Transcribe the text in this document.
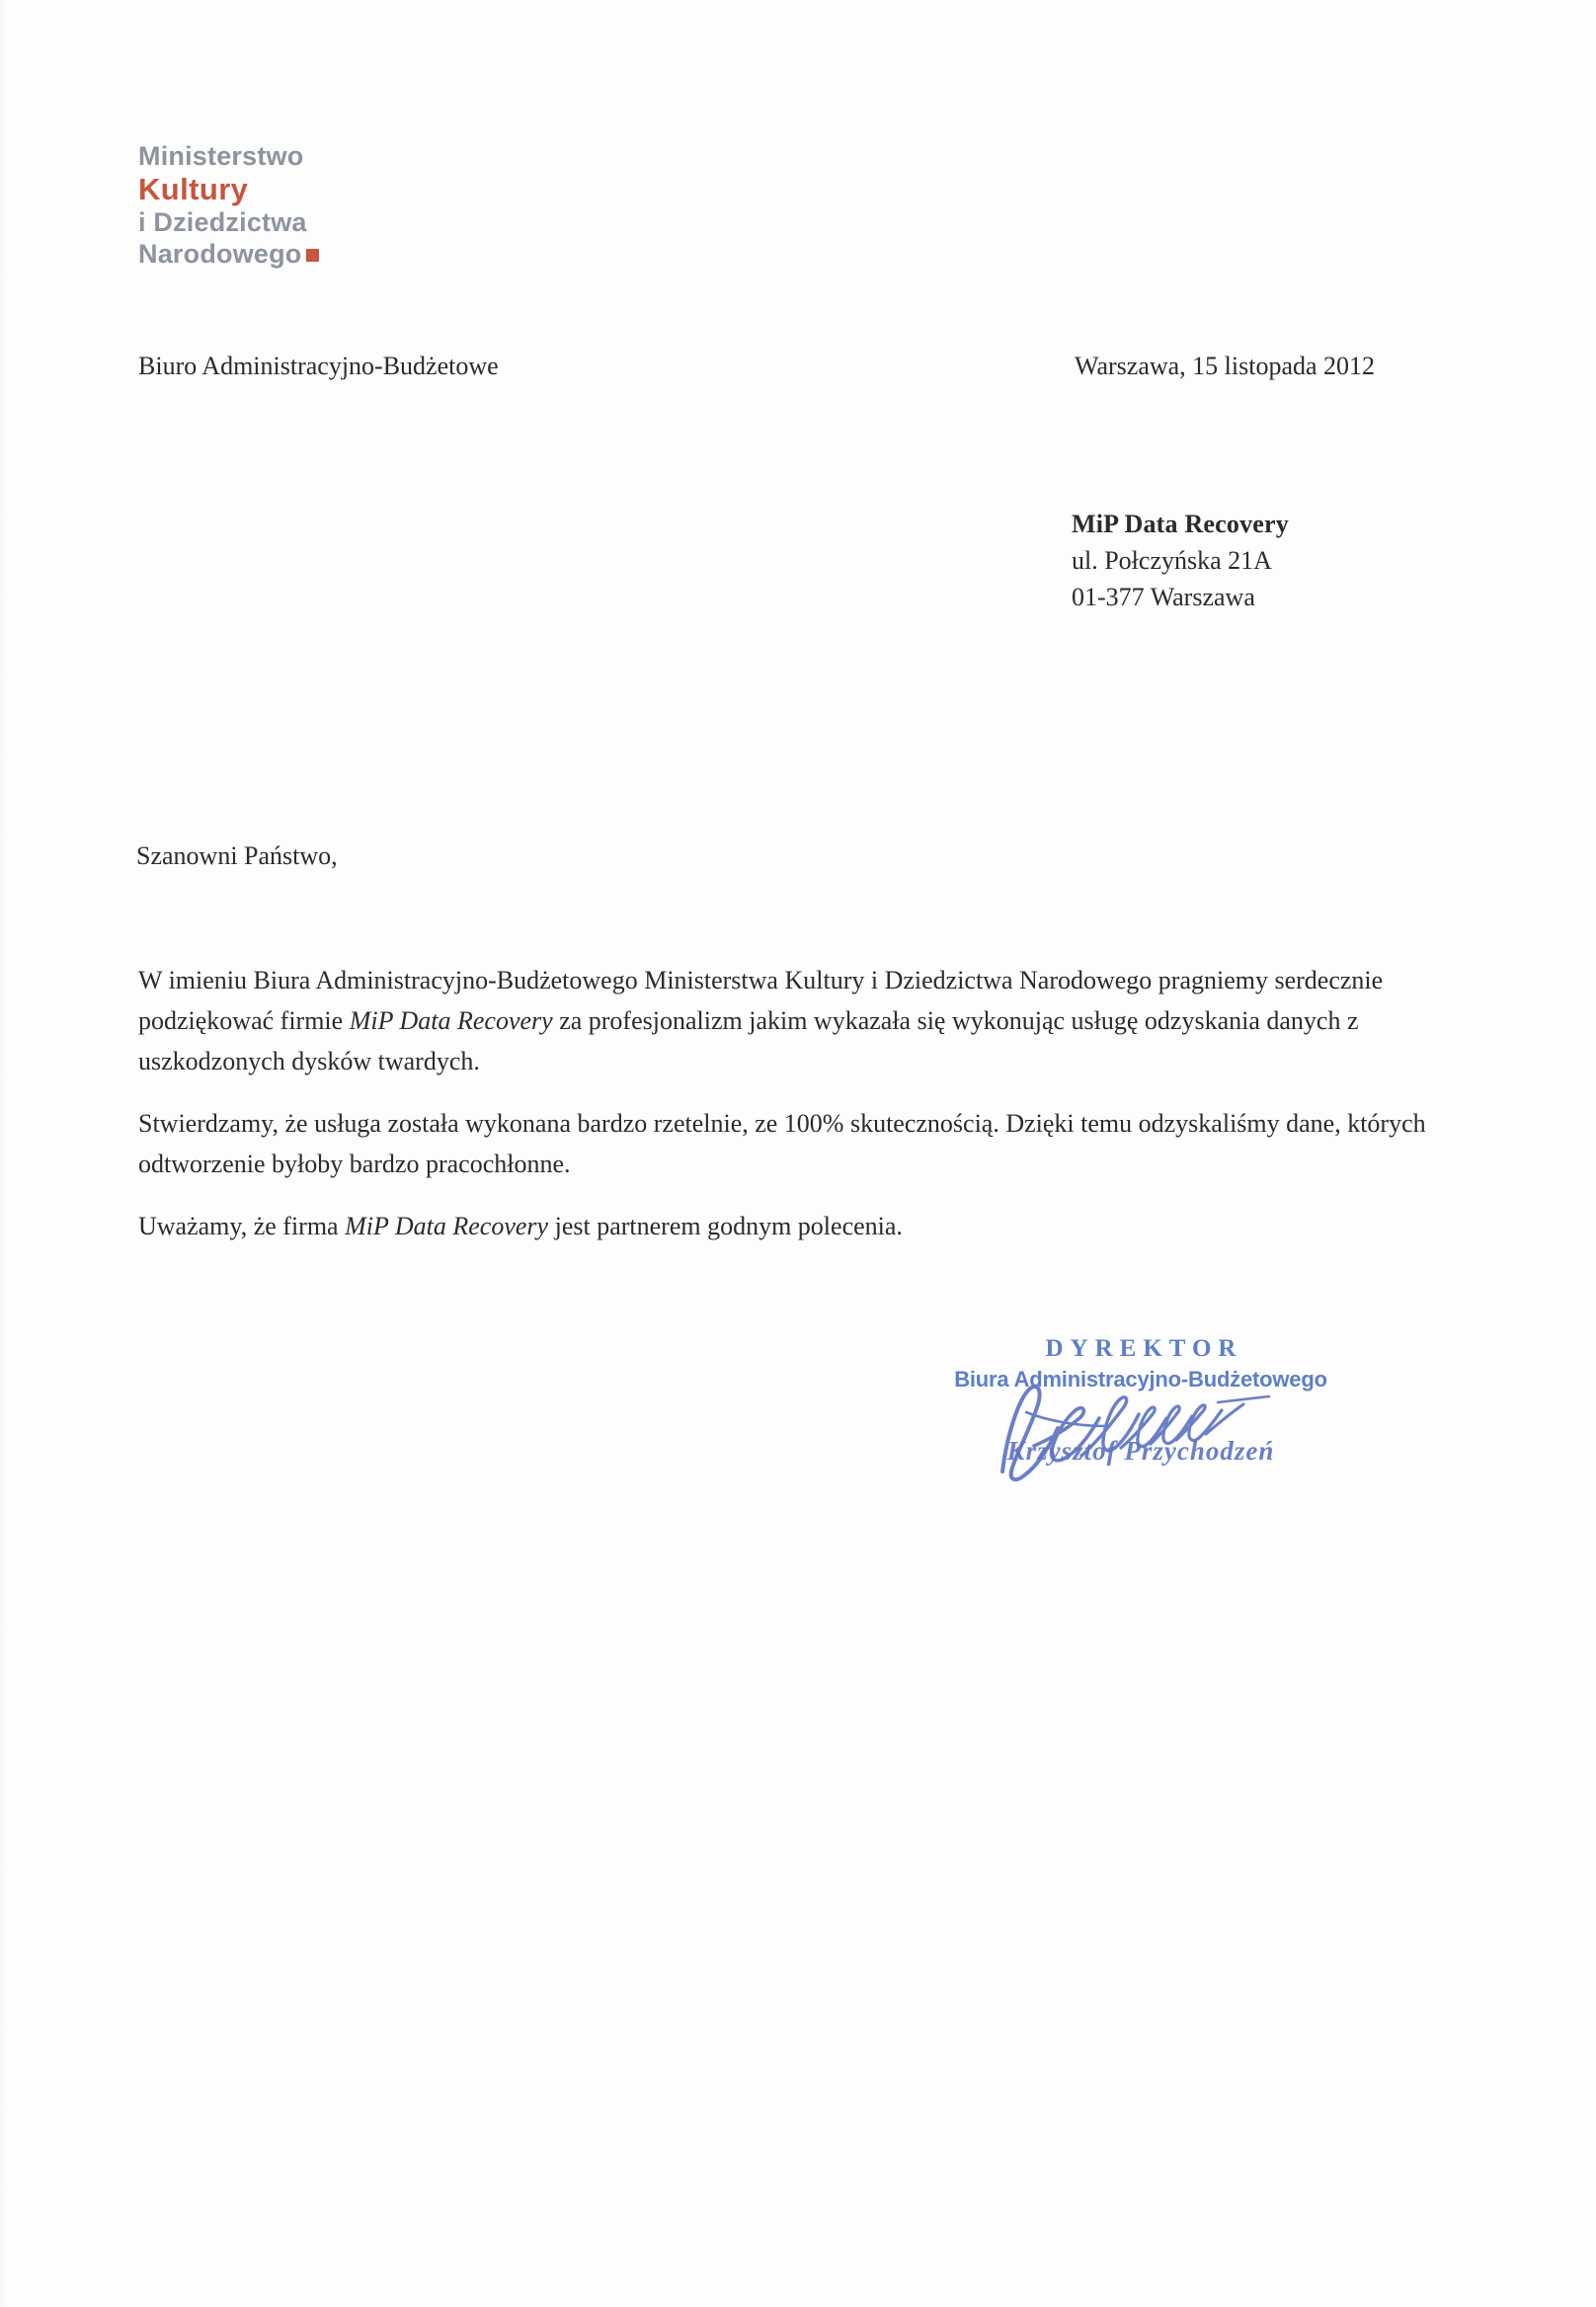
Ministerstwo
Kultury
i Dziedzictwa
Narodowego
Biuro Administracyjno-Budżetowe	Warszawa, 15 listopada 2012
MiP Data Recovery
ul. Połczyńska 21A
01-377 Warszawa
Szanowni Państwo,

W imieniu Biura Administracyjno-Budżetowego Ministerstwa Kultury i Dziedzictwa Narodowego pragniemy serdecznie podziękować firmie MiP Data Recovery za profesjonalizm jakim wykazała się wykonując usługę odzyskania danych z uszkodzonych dysków twardych.

Stwierdzamy, że usługa została wykonana bardzo rzetelnie, ze 100% skutecznością. Dzięki temu odzyskaliśmy dane, których odtworzenie byłoby bardzo pracochłonne.

Uważamy, że firma MiP Data Recovery jest partnerem godnym polecenia.

DYREKTOR
Biura Administracyjno-Budżetowego
Krzysztof Przychodzeń
